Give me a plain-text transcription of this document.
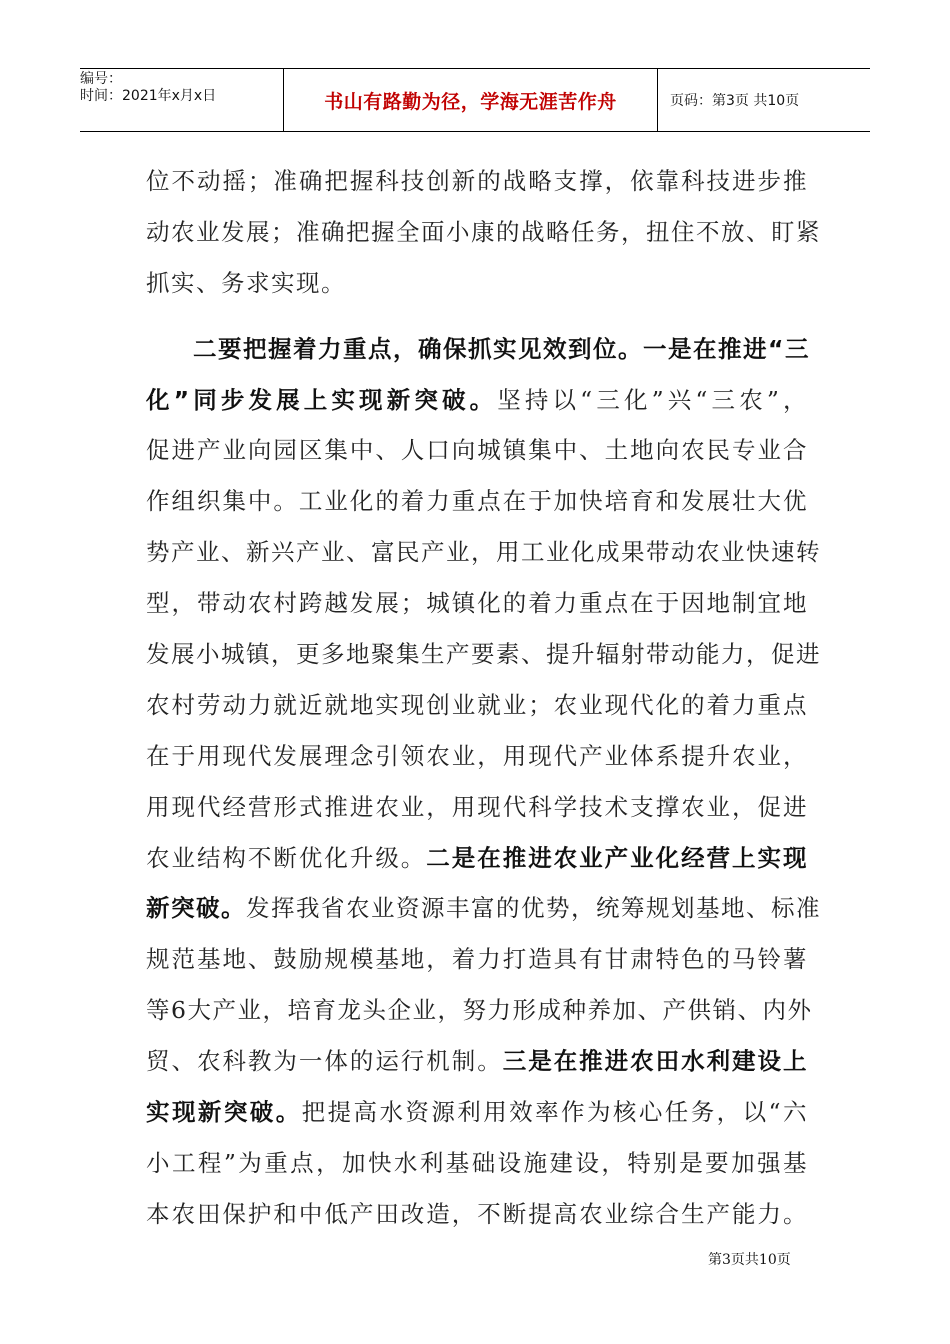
编号：
时间：2021年x月x日	书山有路勤为径，学海无涯苦作舟	页码：第3页 共10页
位不动摇；准确把握科技创新的战略支撑，依靠科技进步推
动农业发展；准确把握全面小康的战略任务，扭住不放、盯紧
抓实、务求实现。
二要把握着力重点，确保抓实见效到位。一是在推进“三
化”同步发展上实现新突破。坚持以“三化”兴“三农”，
促进产业向园区集中、人口向城镇集中、土地向农民专业合
作组织集中。工业化的着力重点在于加快培育和发展壮大优
势产业、新兴产业、富民产业，用工业化成果带动农业快速转
型，带动农村跨越发展；城镇化的着力重点在于因地制宜地
发展小城镇，更多地聚集生产要素、提升辐射带动能力，促进
农村劳动力就近就地实现创业就业；农业现代化的着力重点
在于用现代发展理念引领农业，用现代产业体系提升农业，
用现代经营形式推进农业，用现代科学技术支撑农业，促进
农业结构不断优化升级。二是在推进农业产业化经营上实现
新突破。发挥我省农业资源丰富的优势，统筹规划基地、标准
规范基地、鼓励规模基地，着力打造具有甘肃特色的马铃薯
等6大产业，培育龙头企业，努力形成种养加、产供销、内外
贸、农科教为一体的运行机制。三是在推进农田水利建设上
实现新突破。把提高水资源利用效率作为核心任务，以“六
小工程”为重点，加快水利基础设施建设，特别是要加强基
本农田保护和中低产田改造，不断提高农业综合生产能力。
第3页共10页
